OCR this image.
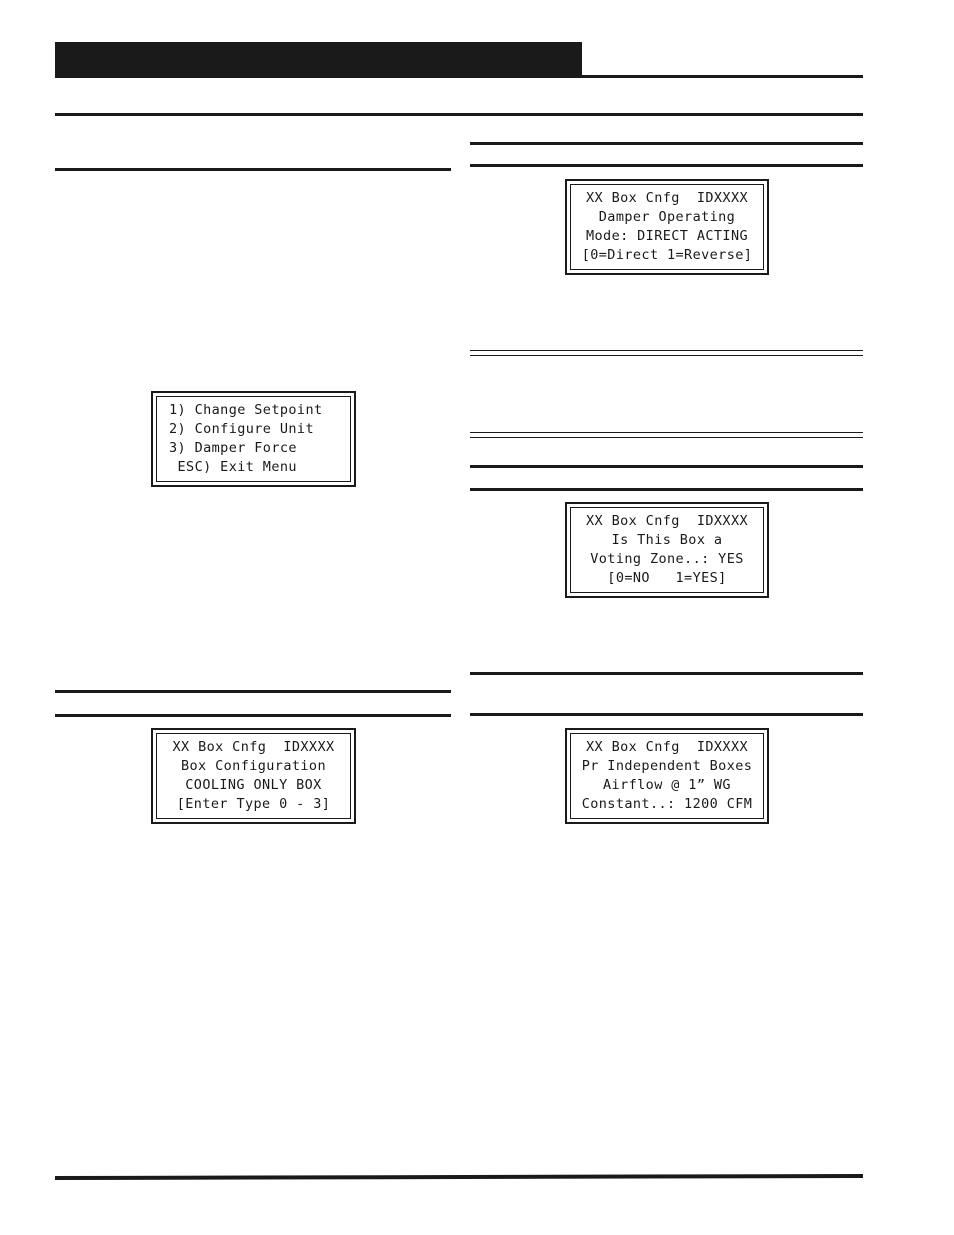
1) Change Setpoint
2) Configure Unit
3) Damper Force
ESC) Exit Menu
XX Box Cnfg  IDXXXX
Box Configuration
COOLING ONLY BOX
[Enter Type 0 - 3]
XX Box Cnfg  IDXXXX
Damper Operating
Mode: DIRECT ACTING
[0=Direct 1=Reverse]
XX Box Cnfg  IDXXXX
Is This Box a
Voting Zone..: YES
[0=NO   1=YES]
XX Box Cnfg  IDXXXX
Pr Independent Boxes
Airflow @ 1” WG
Constant..: 1200 CFM
